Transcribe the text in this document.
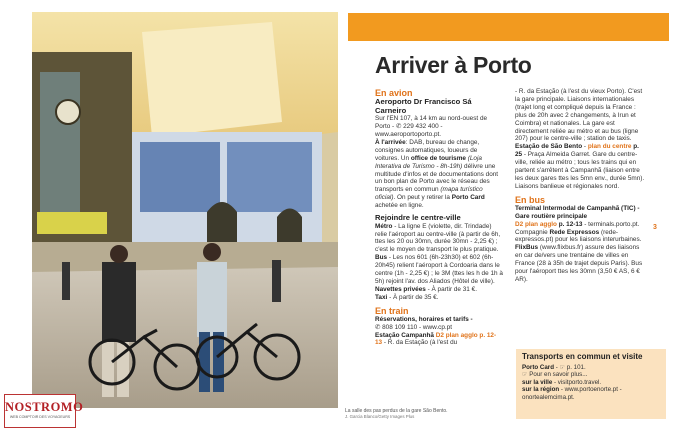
La salle des pas perdus de la gare São Bento.
J. Garcia Blanco/Getty Images Plus
Arriver à Porto

En avion

Aeroporto Dr Francisco Sá Carneiro

Sur l'EN 107, à 14 km au nord-ouest de Porto - ✆ 229 432 400 - www.aeroportoporto.pt.

À l'arrivée: DAB, bureau de change, consignes automatiques, loueurs de voitures. Un office de tourisme (Loja Interativa de Turismo - 8h-19h) délivre une multitude d'infos et de documentations dont un bon plan de Porto avec le réseau des transports en commun (mapa turístico oficial). On peut y retirer la Porto Card achetée en ligne.

Rejoindre le centre-ville

Métro - La ligne E (violette, dir. Trindade) relie l'aéroport au centre-ville (à partir de 6h, ttes les 20 ou 30mn, durée 30mn - 2,25 €) ; c'est le moyen de transport le plus pratique.

Bus - Les nos 601 (6h-23h30) et 602 (6h-20h45) relient l'aéroport à Cordoaria dans le centre (1h - 2,25 €) ; le 3M (ttes les h de 1h à 5h) rejoint l'av. dos Aliados (Hôtel de ville).

Navettes privées - À partir de 31 €.

Taxi - À partir de 35 €.

En train

Réservations, horaires et tarifs -

✆ 808 109 110 - www.cp.pt

Estação Campanhã D2 plan agglo p. 12-13 - R. da Estação (à l'est du

- R. da Estação (à l'est du vieux Porto). C'est la gare principale. Liaisons internationales (trajet long et compliqué depuis la France : plus de 20h avec 2 changements, à Irun et Coimbra) et nationales. La gare est directement reliée au métro et au bus (ligne 207) pour le centre-ville ; station de taxis.

Estação de São Bento - plan du centre p. 25 - Praça Almeida Garret. Gare du centre-ville, reliée au métro ; tous les trains qui en partent s'arrêtent à Campanhã (liaison entre les deux gares ttes les 5mn env., durée 5mn). Liaisons banlieue et régionales nord.

En bus

Terminal Intermodal de Campanhã (TIC) - Gare routière principale

D2 plan agglo p. 12-13 - terminals.porto.pt. Compagnie Rede Expressos (rede-expressos.pt) pour les liaisons interurbaines. FlixBus (www.flixbus.fr) assure des liaisons en car de/vers une trentaine de villes en France (28 à 35h de trajet depuis Paris). Bus pour l'aéroport ttes les 30mn (3,50 € AS, 6 € AR).

3
Transports en commun et visite
Porto Card - ☞ p. 101.
☞ Pour en savoir plus...
sur la ville - visitporto.travel.
sur la région - www.portoenorte.pt - onortealemcima.pt.
NOSTROMO
WEB COMPTOIR DES VOYAGEURS
